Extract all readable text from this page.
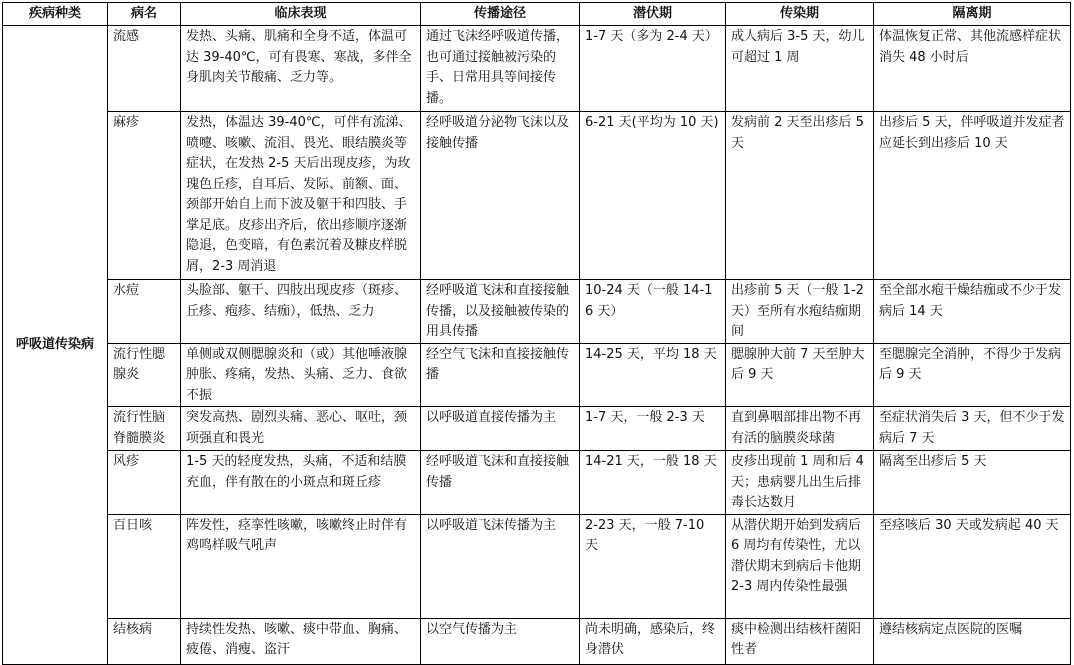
疾病种类	病名	临床表现	传播途径	潜伏期	传染期	隔离期
呼吸道传染病	流感	发热、头痛、肌痛和全身不适，体温可达 39-40℃，可有畏寒、寒战，多伴全身肌肉关节酸痛、乏力等。	通过飞沫经呼吸道传播，也可通过接触被污染的手、日常用具等间接传播。	1-7 天（多为 2-4 天）	成人病后 3-5 天，幼儿可超过 1 周	体温恢复正常、其他流感样症状消失 48 小时后
	麻疹	发热，体温达 39-40℃，可伴有流涕、喷嚏、咳嗽、流泪、畏光、眼结膜炎等症状，在发热 2-5 天后出现皮疹，为玫瑰色丘疹，自耳后、发际、前额、面、颈部开始自上而下波及躯干和四肢、手掌足底。皮疹出齐后，依出疹顺序逐渐隐退，色变暗，有色素沉着及糠皮样脱屑，2-3 周消退	经呼吸道分泌物飞沫以及接触传播	6-21 天(平均为 10 天)	发病前 2 天至出疹后 5 天	出疹后 5 天，伴呼吸道并发症者应延长到出疹后 10 天
	水痘	头脸部、躯干、四肢出现皮疹（斑疹、丘疹、疱疹、结痂），低热、乏力	经呼吸道飞沫和直接接触传播，以及接触被传染的用具传播	10-24 天（一般 14-16 天）	出疹前 5 天（一般 1-2 天）至所有水疱结痂期间	至全部水疱干燥结痂或不少于发病后 14 天
	流行性腮腺炎	单侧或双侧腮腺炎和（或）其他唾液腺肿胀、疼痛，发热、头痛、乏力、食欲不振	经空气飞沫和直接接触传播	14-25 天，平均 18 天	腮腺肿大前 7 天至肿大后 9 天	至腮腺完全消肿，不得少于发病后 9 天
	流行性脑脊髓膜炎	突发高热、剧烈头痛、恶心、呕吐，颈项强直和畏光	以呼吸道直接传播为主	1-7 天，一般 2-3 天	直到鼻咽部排出物不再有活的脑膜炎球菌	至症状消失后 3 天，但不少于发病后 7 天
	风疹	1-5 天的轻度发热，头痛，不适和结膜充血，伴有散在的小斑点和斑丘疹	经呼吸道飞沫和直接接触传播	14-21 天，一般 18 天	皮疹出现前 1 周和后 4 天；患病婴儿出生后排毒长达数月	隔离至出疹后 5 天
	百日咳	阵发性，痉挛性咳嗽，咳嗽终止时伴有鸡鸣样吸气吼声	以呼吸道飞沫传播为主	2-23 天，一般 7-10 天	从潜伏期开始到发病后 6 周均有传染性，尤以潜伏期末到病后卡他期 2-3 周内传染性最强	至痉咳后 30 天或发病起 40 天
	结核病	持续性发热、咳嗽、痰中带血、胸痛、疲倦、消瘦、盗汗	以空气传播为主	尚未明确，感染后，终身潜伏	痰中检测出结核杆菌阳性者	遵结核病定点医院的医嘱
